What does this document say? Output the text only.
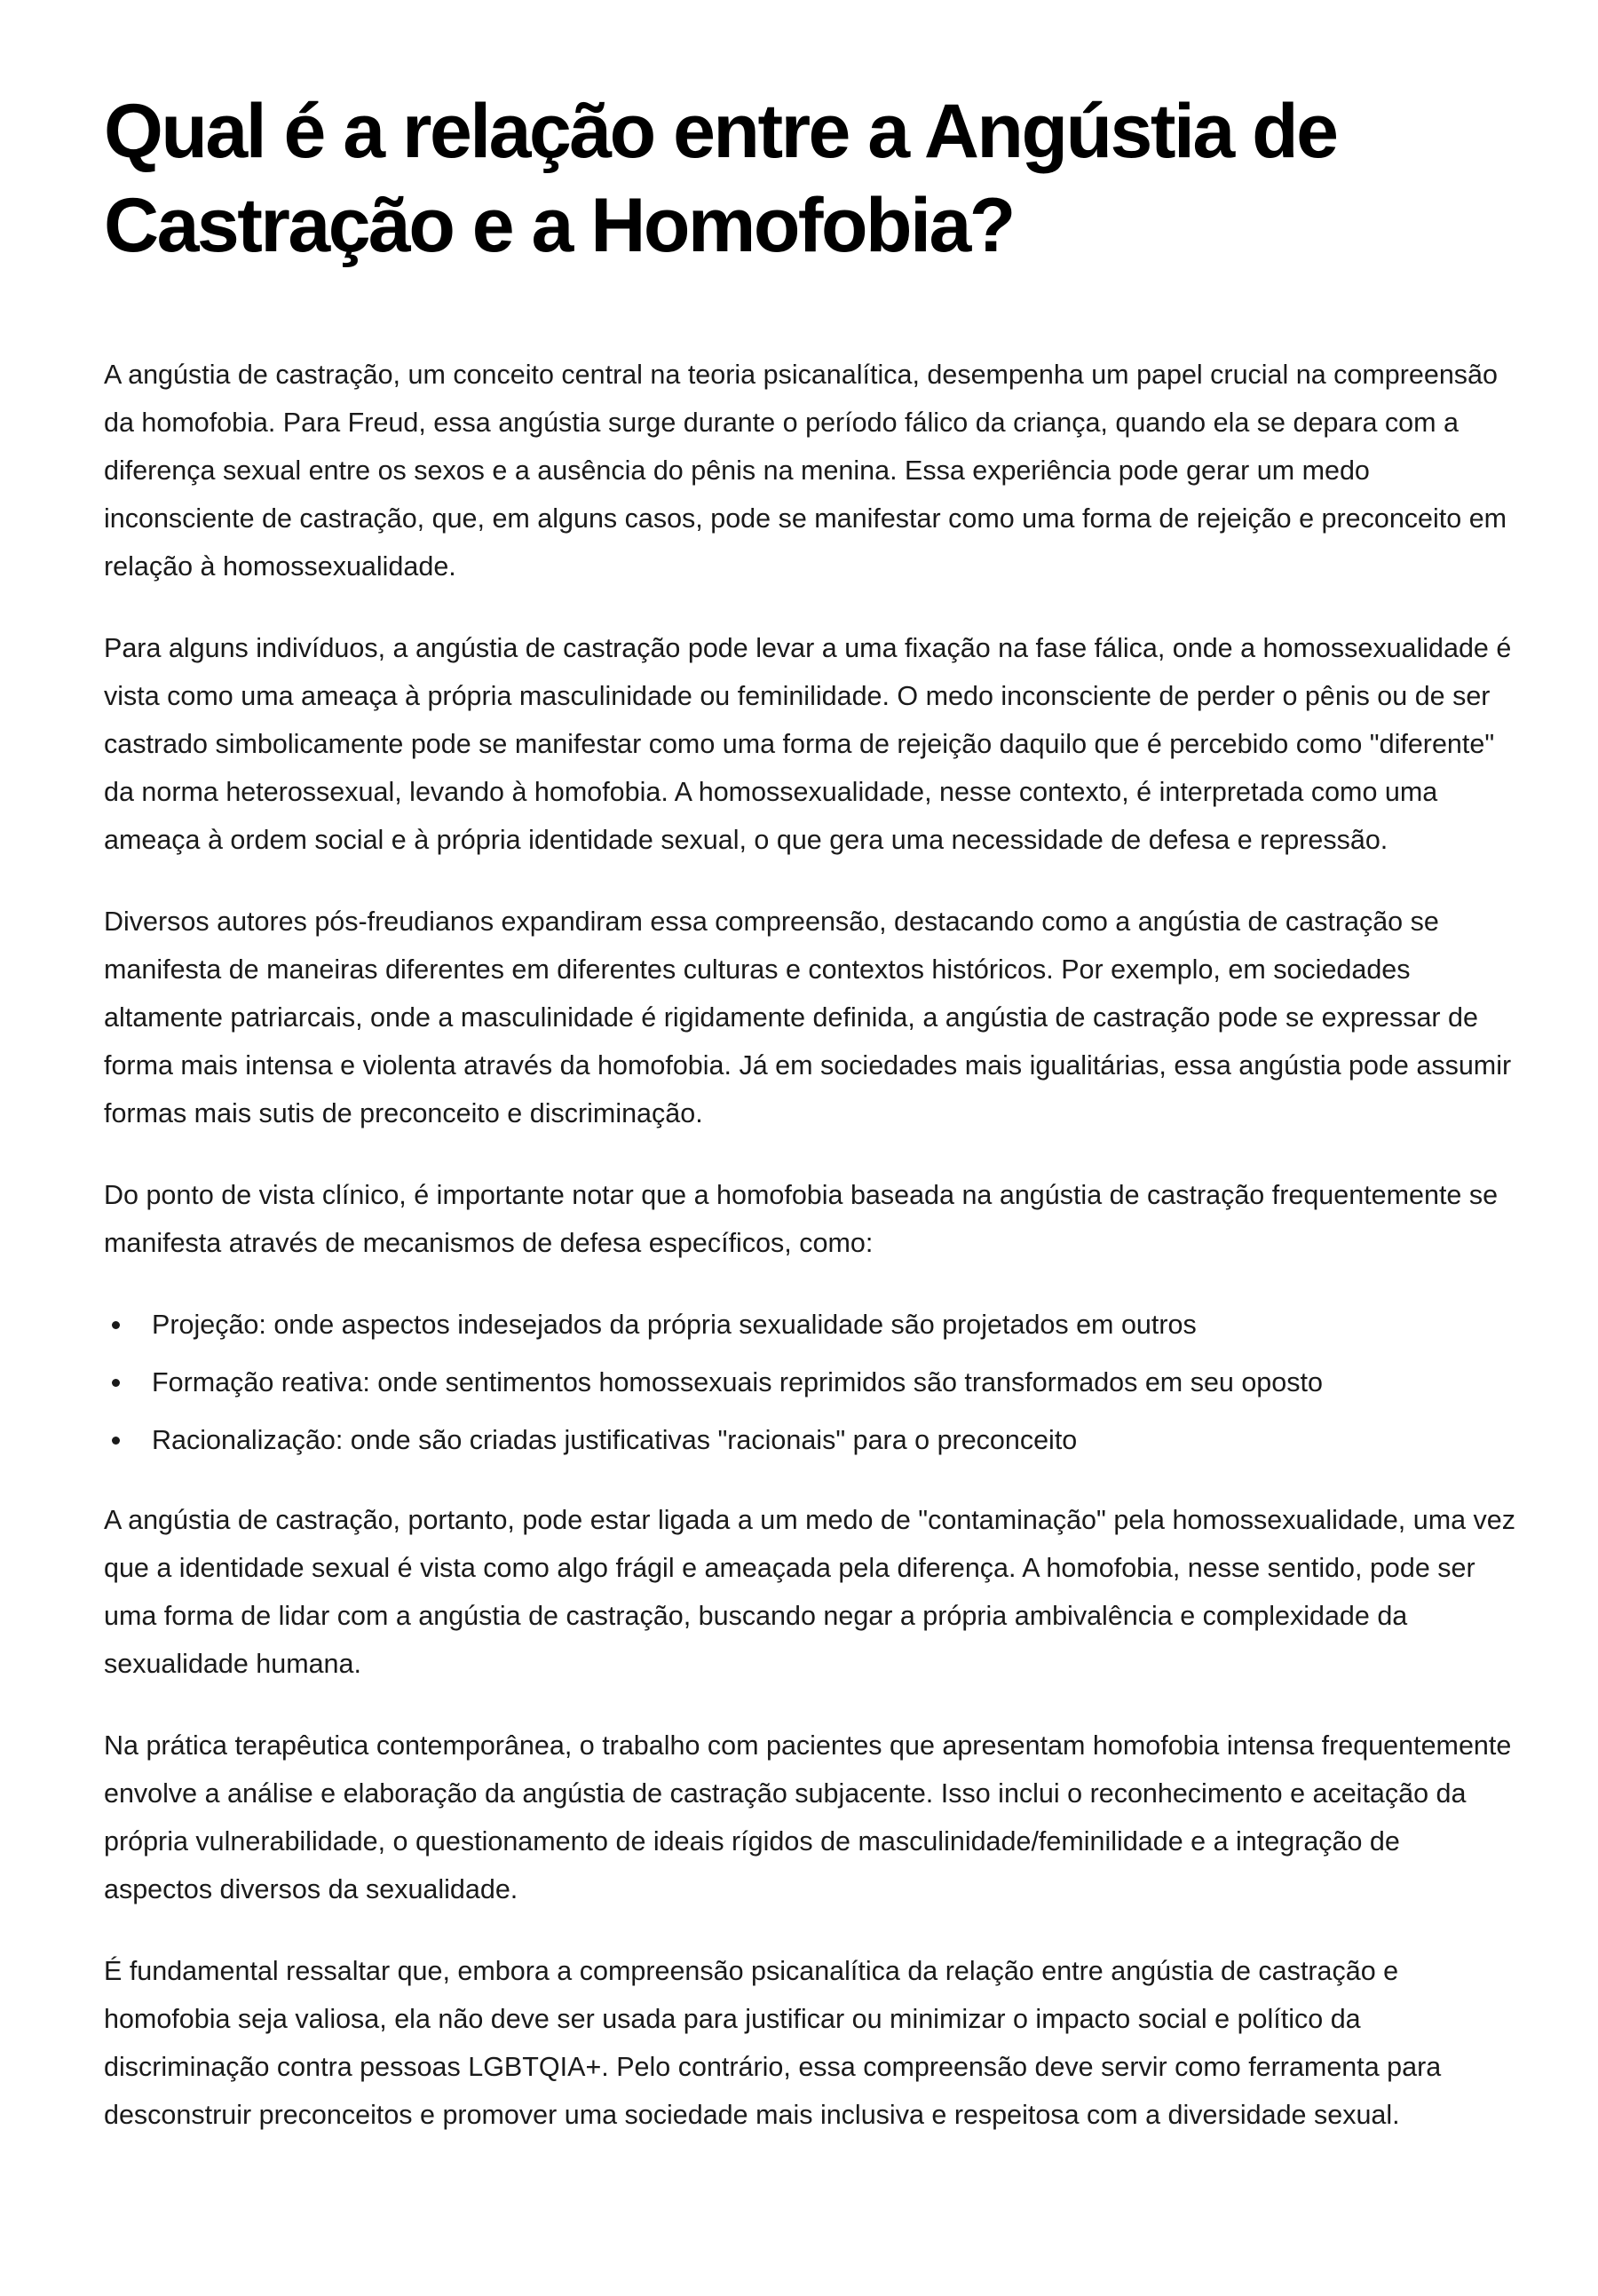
Qual é a relação entre a Angústia de Castração e a Homofobia?

A angústia de castração, um conceito central na teoria psicanalítica, desempenha um papel crucial na compreensão da homofobia. Para Freud, essa angústia surge durante o período fálico da criança, quando ela se depara com a diferença sexual entre os sexos e a ausência do pênis na menina. Essa experiência pode gerar um medo inconsciente de castração, que, em alguns casos, pode se manifestar como uma forma de rejeição e preconceito em relação à homossexualidade.

Para alguns indivíduos, a angústia de castração pode levar a uma fixação na fase fálica, onde a homossexualidade é vista como uma ameaça à própria masculinidade ou feminilidade. O medo inconsciente de perder o pênis ou de ser castrado simbolicamente pode se manifestar como uma forma de rejeição daquilo que é percebido como "diferente" da norma heterossexual, levando à homofobia. A homossexualidade, nesse contexto, é interpretada como uma ameaça à ordem social e à própria identidade sexual, o que gera uma necessidade de defesa e repressão.

Diversos autores pós-freudianos expandiram essa compreensão, destacando como a angústia de castração se manifesta de maneiras diferentes em diferentes culturas e contextos históricos. Por exemplo, em sociedades altamente patriarcais, onde a masculinidade é rigidamente definida, a angústia de castração pode se expressar de forma mais intensa e violenta através da homofobia. Já em sociedades mais igualitárias, essa angústia pode assumir formas mais sutis de preconceito e discriminação.

Do ponto de vista clínico, é importante notar que a homofobia baseada na angústia de castração frequentemente se manifesta através de mecanismos de defesa específicos, como:

Projeção: onde aspectos indesejados da própria sexualidade são projetados em outros
Formação reativa: onde sentimentos homossexuais reprimidos são transformados em seu oposto
Racionalização: onde são criadas justificativas "racionais" para o preconceito

A angústia de castração, portanto, pode estar ligada a um medo de "contaminação" pela homossexualidade, uma vez que a identidade sexual é vista como algo frágil e ameaçada pela diferença. A homofobia, nesse sentido, pode ser uma forma de lidar com a angústia de castração, buscando negar a própria ambivalência e complexidade da sexualidade humana.

Na prática terapêutica contemporânea, o trabalho com pacientes que apresentam homofobia intensa frequentemente envolve a análise e elaboração da angústia de castração subjacente. Isso inclui o reconhecimento e aceitação da própria vulnerabilidade, o questionamento de ideais rígidos de masculinidade/feminilidade e a integração de aspectos diversos da sexualidade.

É fundamental ressaltar que, embora a compreensão psicanalítica da relação entre angústia de castração e homofobia seja valiosa, ela não deve ser usada para justificar ou minimizar o impacto social e político da discriminação contra pessoas LGBTQIA+. Pelo contrário, essa compreensão deve servir como ferramenta para desconstruir preconceitos e promover uma sociedade mais inclusiva e respeitosa com a diversidade sexual.
